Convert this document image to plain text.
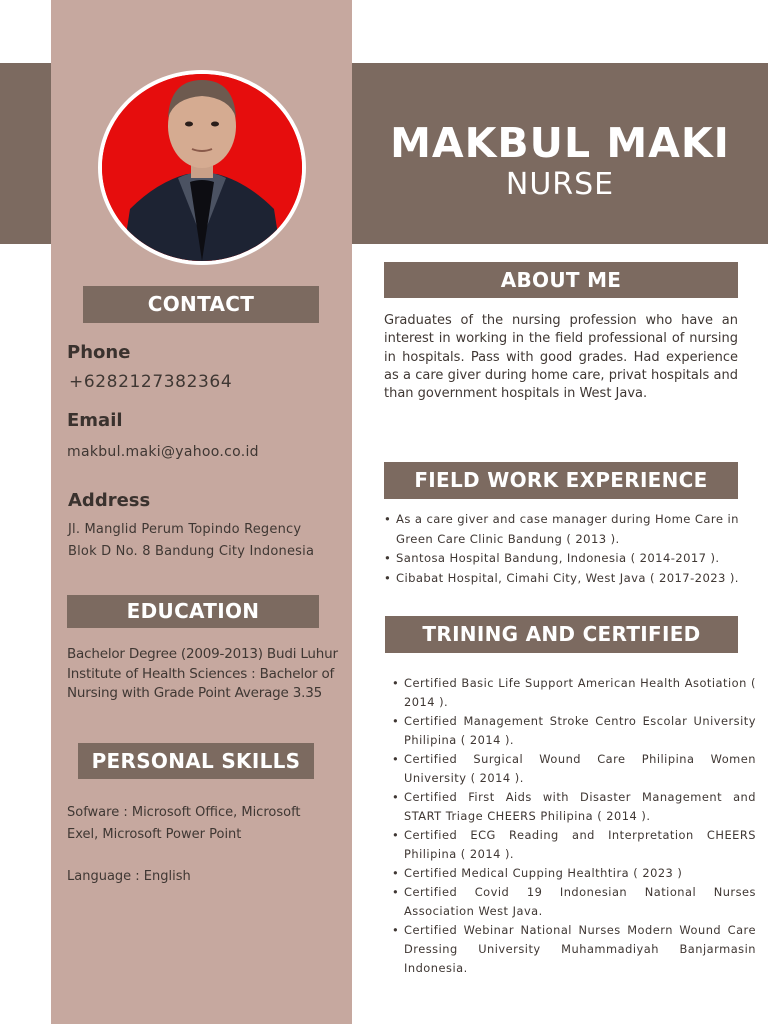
MAKBUL MAKI
NURSE
CONTACT
Phone
+6282127382364
Email
makbul.maki@yahoo.co.id
Address
Jl. Manglid Perum Topindo Regency
Blok D No. 8 Bandung City Indonesia
EDUCATION
Bachelor Degree (2009-2013) Budi Luhur Institute of Health Sciences : Bachelor of Nursing with Grade Point Average 3.35
PERSONAL SKILLS
Sofware : Microsoft Office, Microsoft Exel, Microsoft Power Point
Language : English
ABOUT ME
Graduates of the nursing profession who have an interest in working in the field professional of nursing in hospitals. Pass with good grades. Had experience as a care giver during home care, privat hospitals and than government hospitals in West Java.
FIELD WORK EXPERIENCE
• As a care giver and case manager during Home Care in Green Care Clinic Bandung ( 2013 ).
• Santosa Hospital Bandung, Indonesia ( 2014-2017 ).
• Cibabat Hospital, Cimahi City, West Java ( 2017-2023 ).
TRINING AND CERTIFIED
• Certified Basic Life Support American Health Asotiation ( 2014 ).
• Certified Management Stroke Centro Escolar University Philipina ( 2014 ).
• Certified Surgical Wound Care Philipina Women University ( 2014 ).
• Certified First Aids with Disaster Management and START Triage CHEERS Philipina ( 2014 ).
• Certified ECG Reading and Interpretation CHEERS Philipina ( 2014 ).
• Certified Medical Cupping Healthtira ( 2023 )
• Certified Covid 19 Indonesian National Nurses Association West Java.
• Certified Webinar National Nurses Modern Wound Care Dressing University Muhammadiyah Banjarmasin Indonesia.
